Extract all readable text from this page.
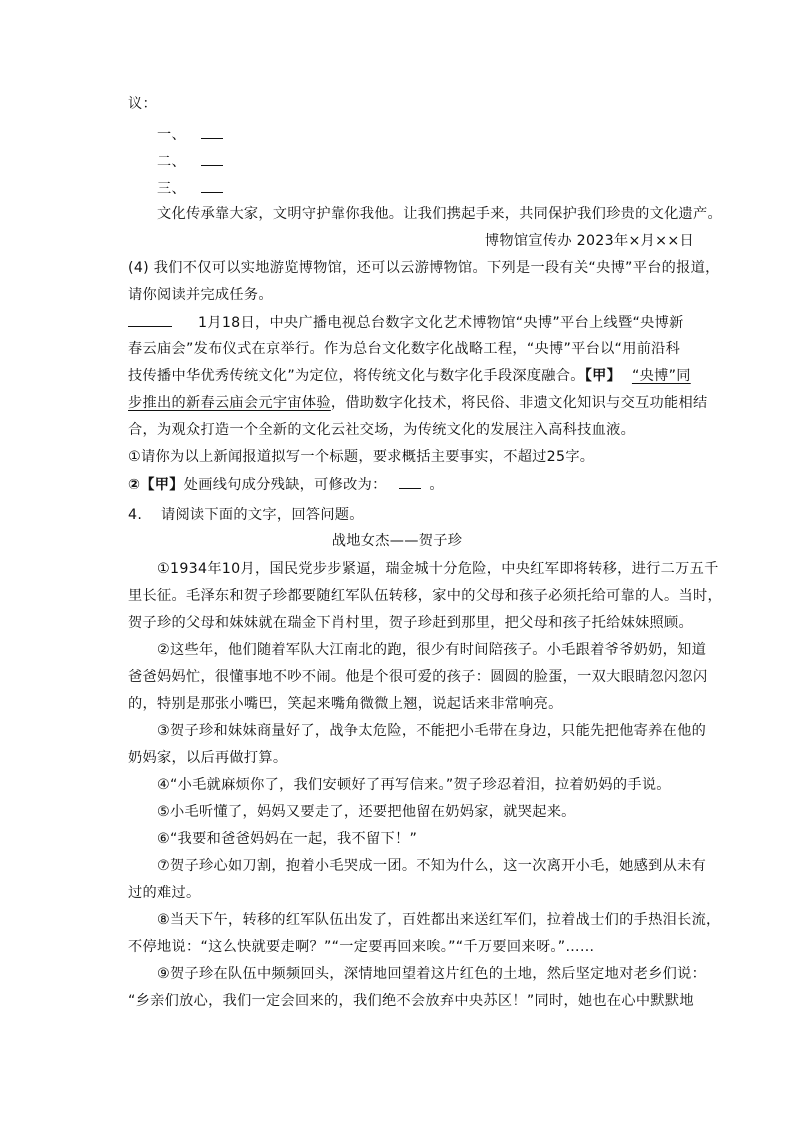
议：
一、
二、
三、
文化传承靠大家，文明守护靠你我他。让我们携起手来，共同保护我们珍贵的文化遗产。
博物馆宣传办 2023年×月××日
(4) 我们不仅可以实地游览博物馆，还可以云游博物馆。下列是一段有关“央博”平台的报道，
请你阅读并完成任务。
1月18日，中央广播电视总台数字文化艺术博物馆“央博”平台上线暨“央博新
春云庙会”发布仪式在京举行。作为总台文化数字化战略工程，“央博”平台以“用前沿科
技传播中华优秀传统文化”为定位，将传统文化与数字化手段深度融合。【甲】 “央博”同
步推出的新春云庙会元宇宙体验，借助数字化技术，将民俗、非遗文化知识与交互功能相结
合，为观众打造一个全新的文化云社交场，为传统文化的发展注入高科技血液。
①请你为以上新闻报道拟写一个标题，要求概括主要事实，不超过25字。
②【甲】处画线句成分残缺，可修改为：	。
4. 请阅读下面的文字，回答问题。
战地女杰——贺子珍
①1934年10月，国民党步步紧逼，瑞金城十分危险，中央红军即将转移，进行二万五千
里长征。毛泽东和贺子珍都要随红军队伍转移，家中的父母和孩子必须托给可靠的人。当时，
贺子珍的父母和妹妹就在瑞金下肖村里，贺子珍赶到那里，把父母和孩子托给妹妹照顾。
②这些年，他们随着军队大江南北的跑，很少有时间陪孩子。小毛跟着爷爷奶奶，知道
爸爸妈妈忙，很懂事地不吵不闹。他是个很可爱的孩子：圆圆的脸蛋，一双大眼睛忽闪忽闪
的，特别是那张小嘴巴，笑起来嘴角微微上翘，说起话来非常响亮。
③贺子珍和妹妹商量好了，战争太危险，不能把小毛带在身边，只能先把他寄养在他的
奶妈家，以后再做打算。
④“小毛就麻烦你了，我们安顿好了再写信来。”贺子珍忍着泪，拉着奶妈的手说。
⑤小毛听懂了，妈妈又要走了，还要把他留在奶妈家，就哭起来。
⑥“我要和爸爸妈妈在一起，我不留下！”
⑦贺子珍心如刀割，抱着小毛哭成一团。不知为什么，这一次离开小毛，她感到从未有
过的难过。
⑧当天下午，转移的红军队伍出发了，百姓都出来送红军们，拉着战士们的手热泪长流，
不停地说：“这么快就要走啊？”“一定要再回来唉。”“千万要回来呀。”……
⑨贺子珍在队伍中频频回头，深情地回望着这片红色的土地，然后坚定地对老乡们说：
“乡亲们放心，我们一定会回来的，我们绝不会放弃中央苏区！”同时，她也在心中默默地
